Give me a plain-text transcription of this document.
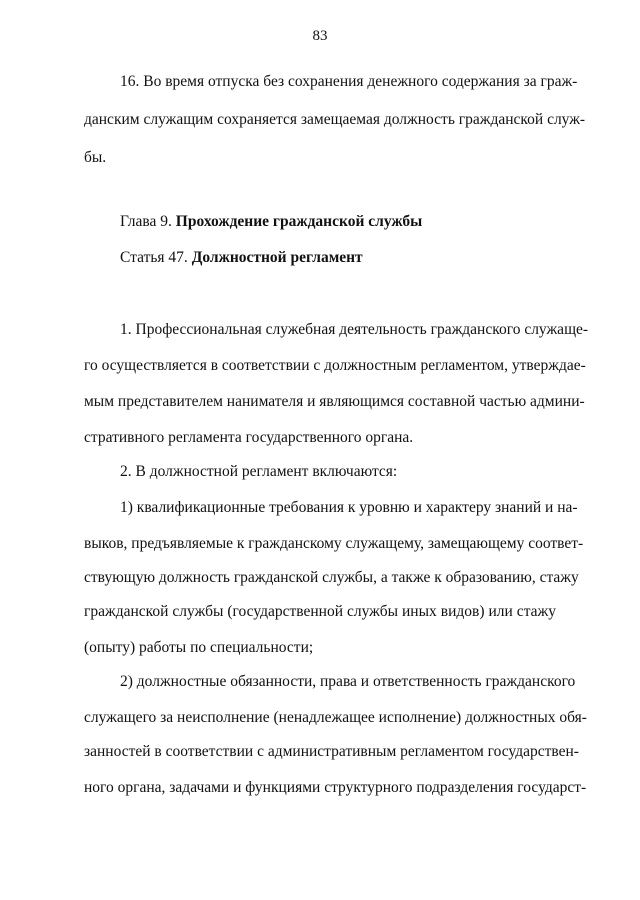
83

16. Во время отпуска без сохранения денежного содержания за граж-

данским служащим сохраняется замещаемая должность гражданской служ-

бы.

Глава 9. Прохождение гражданской службы
Статья 47. Должностной регламент

1. Профессиональная служебная деятельность гражданского служаще-

го осуществляется в соответствии с должностным регламентом, утверждае-

мым представителем нанимателя и являющимся составной частью админи-

стративного регламента государственного органа.

2. В должностной регламент включаются:

1) квалификационные требования к уровню и характеру знаний и на-

выков, предъявляемые к гражданскому служащему, замещающему соответ-

ствующую должность гражданской службы, а также к образованию, стажу

гражданской службы (государственной службы иных видов) или стажу

(опыту) работы по специальности;

2) должностные обязанности, права и ответственность гражданского

служащего за неисполнение (ненадлежащее исполнение) должностных обя-

занностей в соответствии с административным регламентом государствен-

ного органа, задачами и функциями структурного подразделения государст-
